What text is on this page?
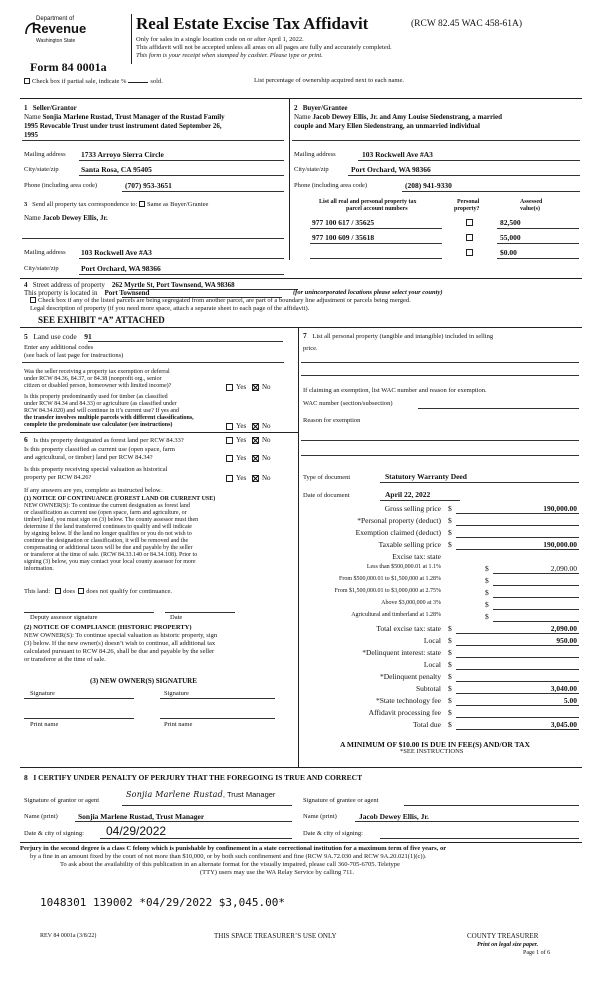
Department of
Revenue
Washington State
Real Estate Excise Tax Affidavit	(RCW 82.45 WAC 458-61A)
Only for sales in a single location code on or after April 1, 2022.
This affidavit will not be accepted unless all areas on all pages are fully and accurately completed.
This form is your receipt when stamped by cashier. Please type or print.
Form 84 0001a
Check box if partial sale, indicate %	sold.	List percentage of ownership acquired next to each name.
1   Seller/Grantor
Name Sonjia Marlene Rustad, Trust Manager of the Rustad Family
1995 Revocable Trust under trust instrument dated September 26,
1995
Mailing address 1733 Arroyo Sierra Circle
City/state/zip	Santa Rosa, CA 95405
Phone (including area code)	(707) 953-3651
2   Buyer/Grantee
Name Jacob Dewey Ellis, Jr. and Amy Louise Siedenstrang, a married
couple and Mary Ellen Siedenstrang, an unmarried individual
Mailing address	103 Rockwell Ave #A3
City/state/zip	Port Orchard, WA 98366
Phone (including area code)	(208) 941-9330
3   Send all property tax correspondence to: Same as Buyer/Grantee
Name Jacob Dewey Ellis, Jr.
Mailing address 103 Rockwell Ave #A3
City/state/zip	Port Orchard, WA 98366
List all real and personal property tax
parcel account numbers
Personal
property?
Assessed
value(s)
977 100 617 / 35625	82,500
977 100 609 / 35618	55,000
$0.00
4   Street address of property 262 Myrtle St, Port Townsend, WA 98368
This property is located in Port Townsend	(for unincorporated locations please select your county)
Check box if any of the listed parcels are being segregated from another parcel, are part of a boundary line adjustment or parcels being merged.
Legal description of property (if you need more space, attach a separate sheet to each page of the affidavit).
SEE EXHIBIT “A” ATTACHED
5   Land use code 91
Enter any additional codes
(see back of last page for instructions)
Was the seller receiving a property tax exemption or deferral
under RCW 84.36, 84.37, or 84.38 (nonprofit org., senior
citizen or disabled person, homeowner with limited income)?	Yes No
Is this property predominantly used for timber (as classified
under RCW 84.34 and 84.33) or agriculture (as classified under
RCW 84.34.020) and will continue in it’s current use? If yes and
the transfer involves multiple parcels with different classifications,
complete the predominate use calculator (see instructions)	Yes No
6   Is this property designated as forest land per RCW 84.33?	Yes No
Is this property classified as current use (open space, farm
and agricultural, or timber) land per RCW 84.34?	Yes No
Is this property receiving special valuation as historical
property per RCW 84.26?	Yes No
If any answers are yes, complete as instructed below.
(1) NOTICE OF CONTINUANCE (FOREST LAND OR CURRENT USE)
NEW OWNER(S): To continue the current designation as forest land
or classification as current use (open space, farm and agriculture, or
timber) land, you must sign on (3) below. The county assessor must then
determine if the land transferred continues to qualify and will indicate
by signing below. If the land no longer qualifies or you do not wish to
continue the designation or classification, it will be removed and the
compensating or additional taxes will be due and payable by the seller
or transferor at the time of sale. (RCW 84.33.140 or 84.34.108). Prior to
signing (3) below, you may contact your local county assessor for more
information.
This land: does does not qualify for continuance.
Deputy assessor signature	Date
(2) NOTICE OF COMPLIANCE (HISTORIC PROPERTY)
NEW OWNER(S): To continue special valuation as historic property, sign
(3) below. If the new owner(s) doesn’t wish to continue, all additional tax
calculated pursuant to RCW 84.26, shall be due and payable by the seller
or transferor at the time of sale.
(3) NEW OWNER(S) SIGNATURE
Signature	Signature
Print name	Print name
7   List all personal property (tangible and intangible) included in selling
price.
If claiming an exemption, list WAC number and reason for exemption.
WAC number (section/subsection)
Reason for exemption
Type of document	Statutory Warranty Deed
Date of document	April 22, 2022
Gross selling price $	190,000.00
*Personal property (deduct) $
Exemption claimed (deduct) $
Taxable selling price $	190,000.00
Excise tax: state
Less than $500,000.01 at 1.1%	$	2,090.00
From $500,000.01 to $1,500,000 at 1.28%	$
From $1,500,000.01 to $3,000,000 at 2.75%	$
Above $3,000,000 at 3%	$
Agricultural and timberland at 1.28%	$
Total excise tax: state $	2,090.00
Local $	950.00
*Delinquent interest: state $
Local $
*Delinquent penalty $
Subtotal $	3,040.00
*State technology fee $	5.00
Affidavit processing fee $
Total due $	3,045.00
A MINIMUM OF $10.00 IS DUE IN FEE(S) AND/OR TAX
*SEE INSTRUCTIONS
8   I CERTIFY UNDER PENALTY OF PERJURY THAT THE FOREGOING IS TRUE AND CORRECT
Signature of grantor or agent
Sonjia Marlene Rustad, Trust Manager
Signature of grantee or agent
Name (print)	Sonjia Marlene Rustad, Trust Manager	Name (print)	Jacob Dewey Ellis, Jr.
Date & city of signing: 04/29/2022	Date & city of signing:
Perjury in the second degree is a class C felony which is punishable by confinement in a state correctional institution for a maximum term of five years, or
by a fine in an amount fixed by the court of not more than $10,000, or by both such confinement and fine (RCW 9A.72.030 and RCW 9A.20.021(1)(c)).
To ask about the availability of this publication in an alternate format for the visually impaired, please call 360-705-6705. Teletype
(TTY) users may use the WA Relay Service by calling 711.
1048301 139002 *04/29/2022 $3,045.00*
REV 84 0001a (3/8/22)	THIS SPACE TREASURER’S USE ONLY	COUNTY TREASURER
Print on legal size paper.
Page 1 of 6
